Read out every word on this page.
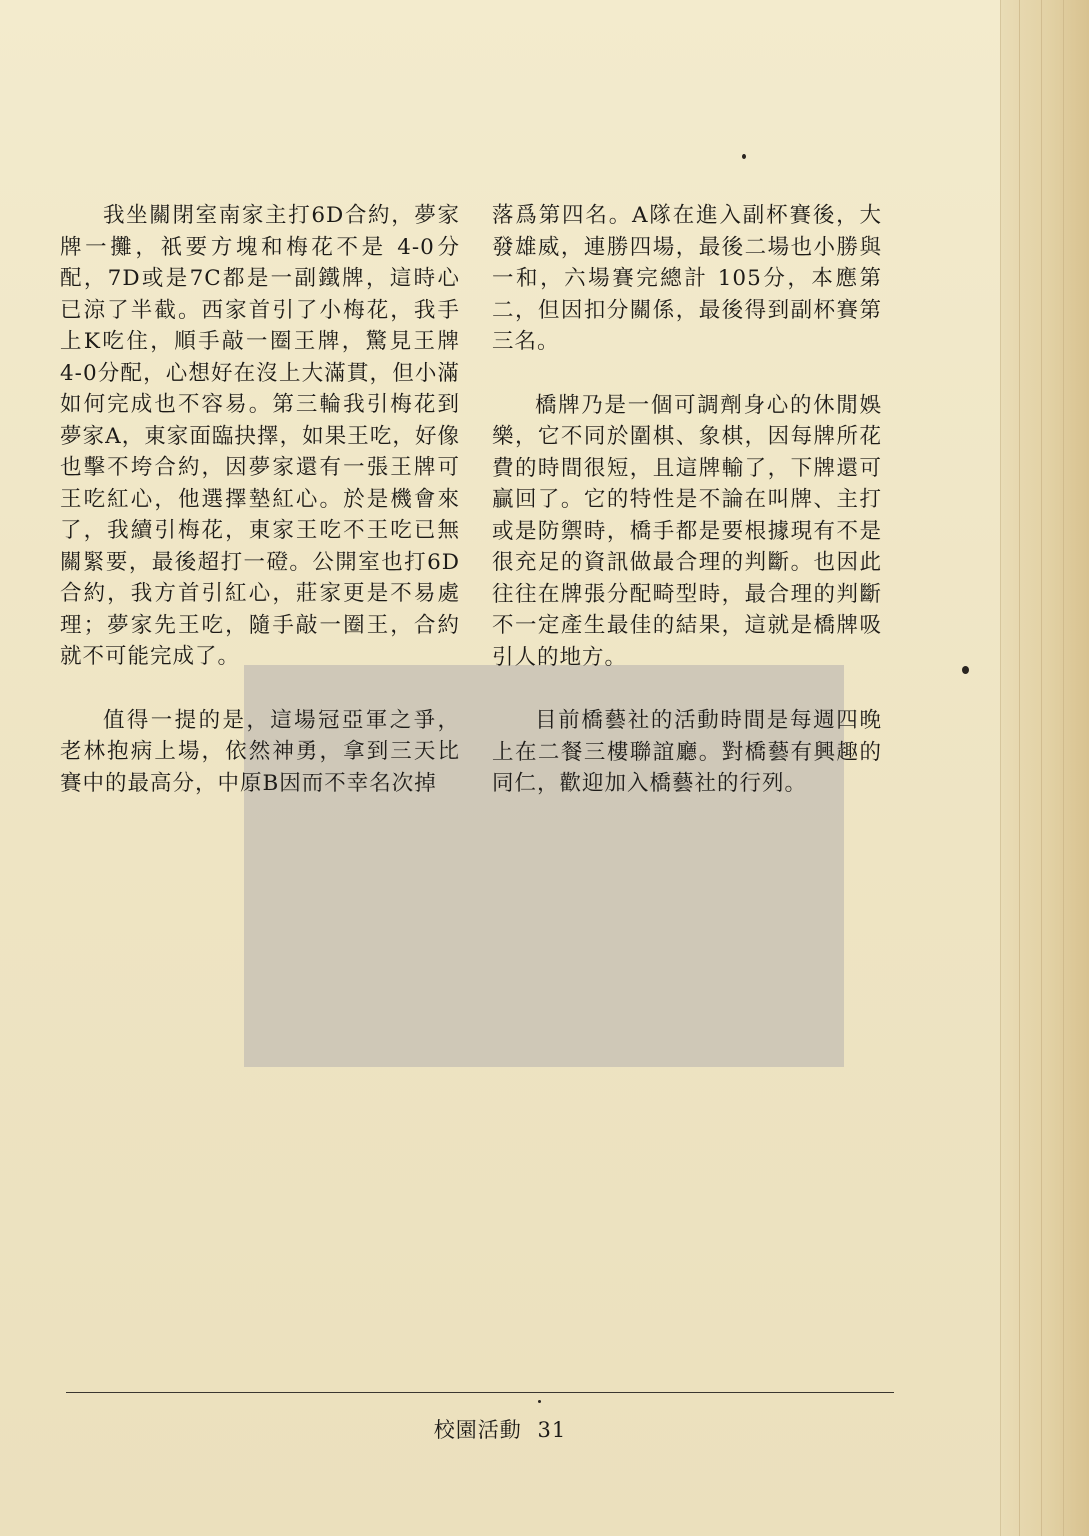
我坐關閉室南家主打6D合約，夢家牌一攤，祇要方塊和梅花不是 4-0分配，7D或是7C都是一副鐵牌，這時心已涼了半截。西家首引了小梅花，我手上K吃住，順手敲一圈王牌，驚見王牌 4-0分配，心想好在沒上大滿貫，但小滿如何完成也不容易。第三輪我引梅花到夢家A，東家面臨抉擇，如果王吃，好像也擊不垮合約，因夢家還有一張王牌可王吃紅心，他選擇墊紅心。於是機會來了，我續引梅花，東家王吃不王吃已無關緊要，最後超打一磴。公開室也打6D合約，我方首引紅心，莊家更是不易處理；夢家先王吃，隨手敲一圈王，合約就不可能完成了。

值得一提的是，這場冠亞軍之爭，老林抱病上場，依然神勇，拿到三天比賽中的最高分，中原B因而不幸名次掉

落爲第四名。A隊在進入副杯賽後，大發雄威，連勝四場，最後二場也小勝與一和，六場賽完總計 105分，本應第二，但因扣分關係，最後得到副杯賽第三名。

橋牌乃是一個可調劑身心的休閒娛樂，它不同於圍棋、象棋，因每牌所花費的時間很短，且這牌輸了，下牌還可贏回了。它的特性是不論在叫牌、主打或是防禦時，橋手都是要根據現有不是很充足的資訊做最合理的判斷。也因此往往在牌張分配畸型時，最合理的判斷不一定產生最佳的結果，這就是橋牌吸引人的地方。

目前橋藝社的活動時間是每週四晚上在二餐三樓聯誼廳。對橋藝有興趣的同仁，歡迎加入橋藝社的行列。

校園活動 31
